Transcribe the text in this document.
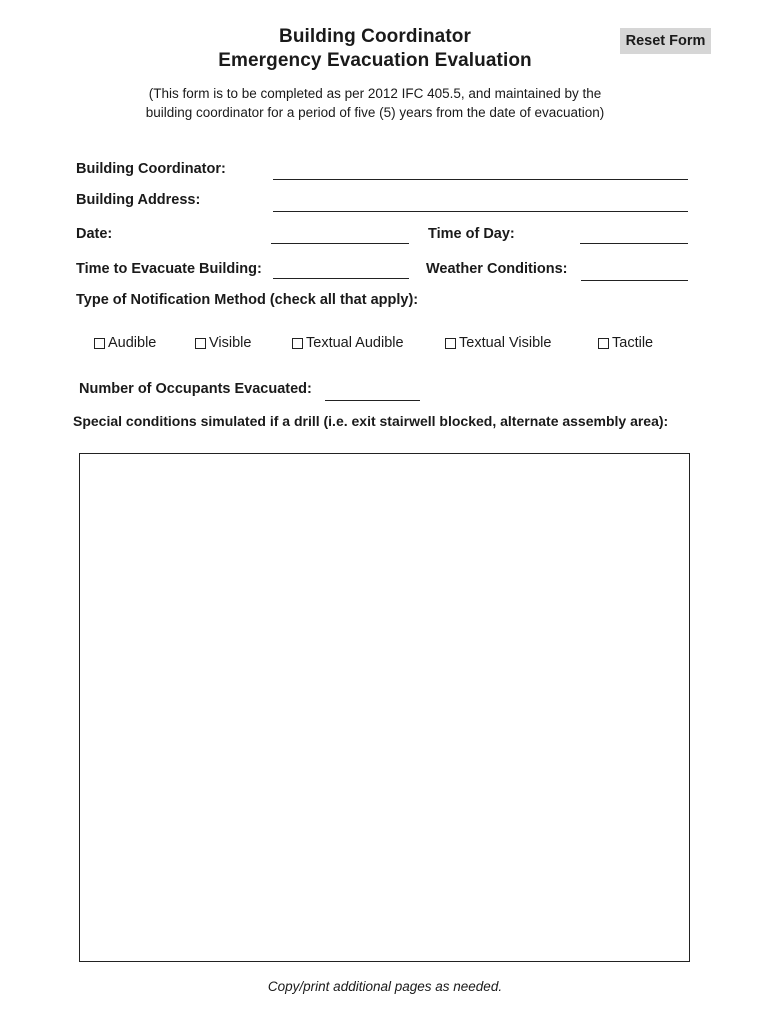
Building Coordinator
Emergency Evacuation Evaluation
Reset Form
(This form is to be completed as per 2012 IFC 405.5, and maintained by the
building coordinator for a period of five (5) years from the date of evacuation)
Building Coordinator:
Building Address:
Date:	Time of Day:
Time to Evacuate Building:	Weather Conditions:
Type of Notification Method (check all that apply):
Audible	Visible	Textual Audible	Textual Visible	Tactile
Number of Occupants Evacuated:
Special conditions simulated if a drill (i.e. exit stairwell blocked, alternate assembly area):
Copy/print additional pages as needed.
